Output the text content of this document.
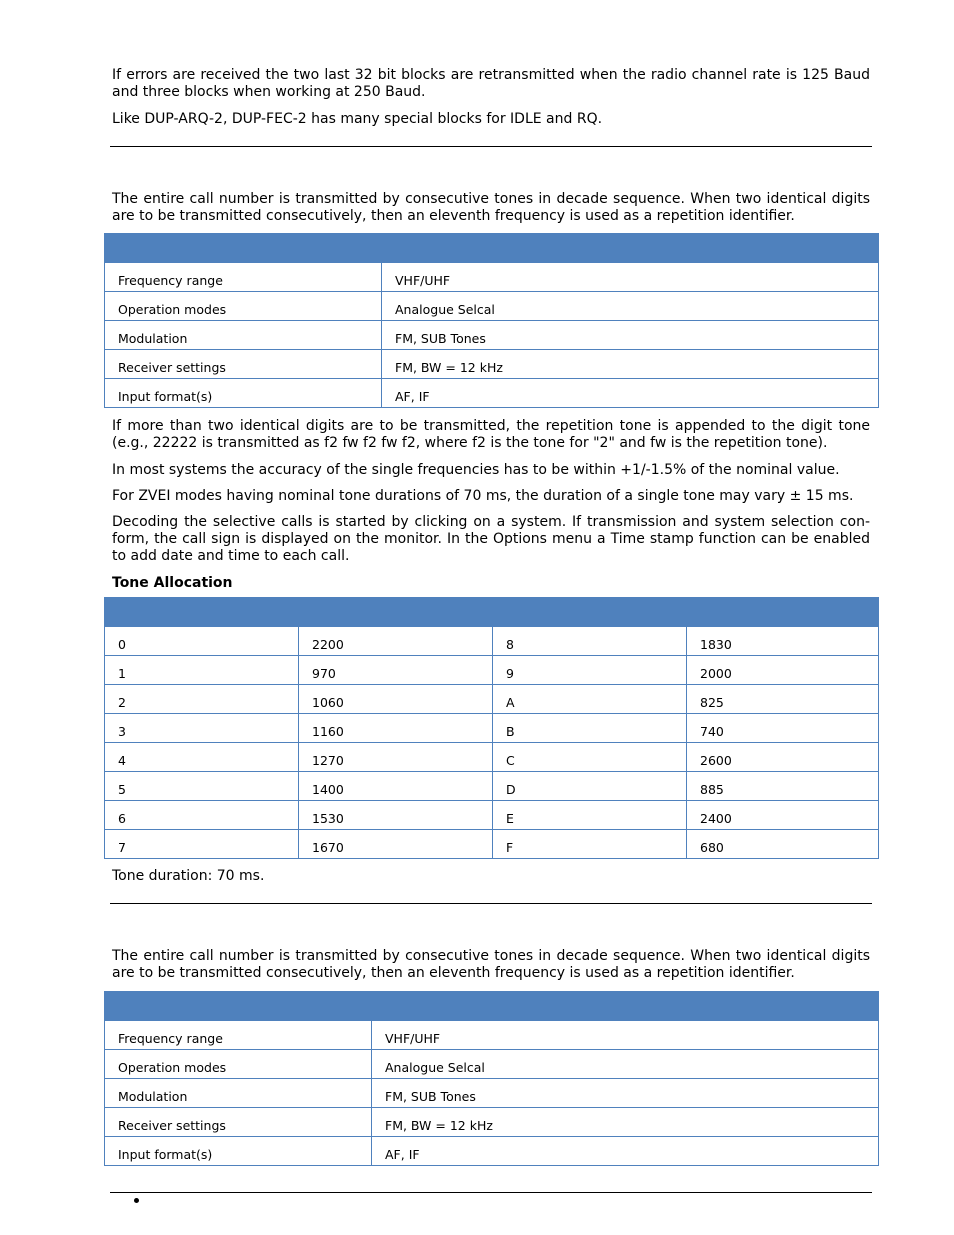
If errors are received the two last 32 bit blocks are retransmitted when the radio channel rate is 125 Baud and three blocks when working at 250 Baud.

Like DUP-ARQ-2, DUP-FEC-2 has many special blocks for IDLE and RQ.

The entire call number is transmitted by consecutive tones in decade sequence. When two identical digits are to be transmitted consecutively, then an eleventh frequency is used as a repetition identifier.

Frequency range	VHF/UHF
Operation modes	Analogue Selcal
Modulation	FM, SUB Tones
Receiver settings	FM, BW = 12 kHz
Input format(s)	AF, IF

If more than two identical digits are to be transmitted, the repetition tone is appended to the digit tone (e.g., 22222 is transmitted as f2 fw f2 fw f2, where f2 is the tone for "2" and fw is the repetition tone).

In most systems the accuracy of the single frequencies has to be within +1/-1.5% of the nominal value.

For ZVEI modes having nominal tone durations of 70 ms, the duration of a single tone may vary ± 15 ms.

Decoding the selective calls is started by clicking on a system. If transmission and system selection con-form, the call sign is displayed on the monitor. In the Options menu a Time stamp function can be enabled to add date and time to each call.

Tone Allocation

0	2200	8	1830
1	970	9	2000
2	1060	A	825
3	1160	B	740
4	1270	C	2600
5	1400	D	885
6	1530	E	2400
7	1670	F	680

Tone duration: 70 ms.

The entire call number is transmitted by consecutive tones in decade sequence. When two identical digits are to be transmitted consecutively, then an eleventh frequency is used as a repetition identifier.

Frequency range	VHF/UHF
Operation modes	Analogue Selcal
Modulation	FM, SUB Tones
Receiver settings	FM, BW = 12 kHz
Input format(s)	AF, IF
